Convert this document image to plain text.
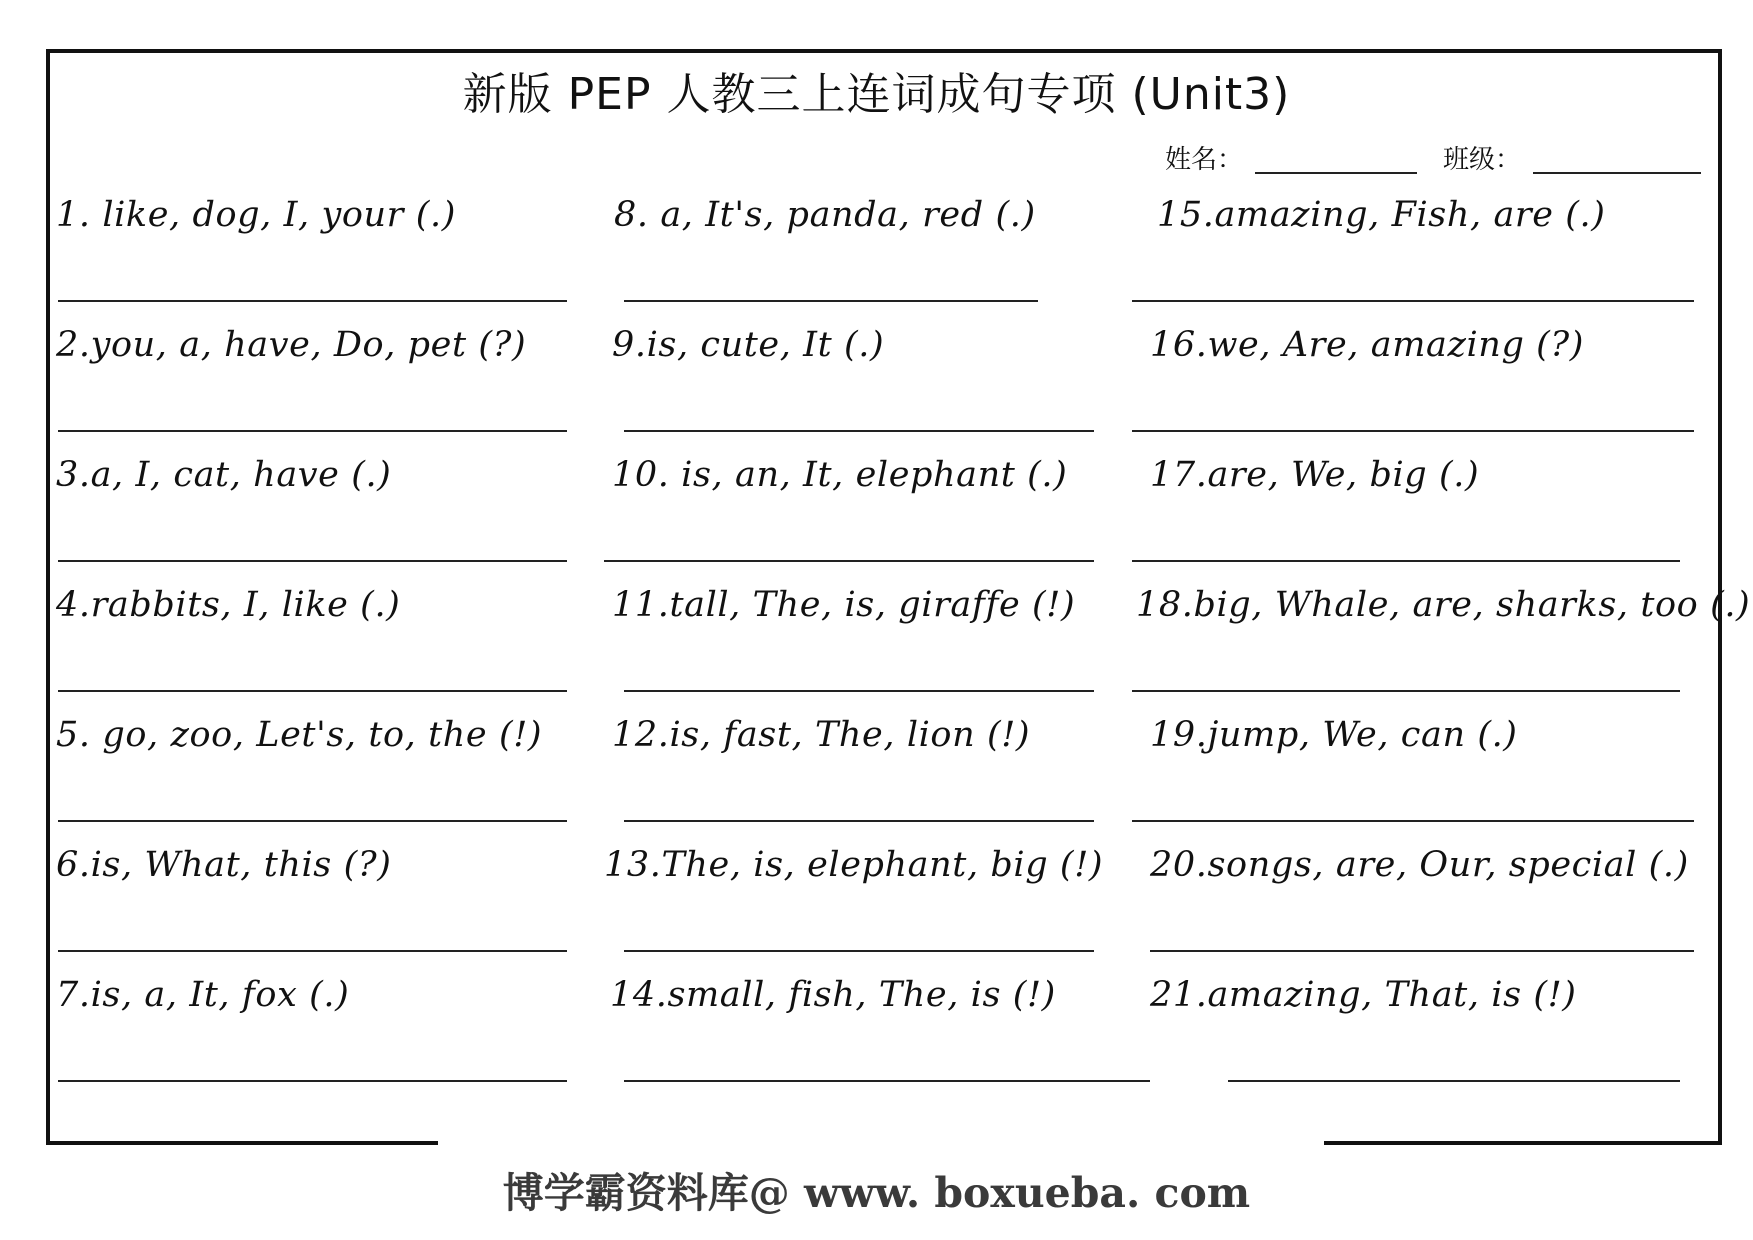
新版 PEP 人教三上连词成句专项 (Unit3)
姓名：	班级：
1. like, dog, I, your (.)
2.you, a, have, Do, pet (?)
3.a, I, cat, have (.)
4.rabbits, I, like (.)
5. go, zoo, Let's, to, the (!)
6.is, What, this (?)
7.is, a, It, fox (.)
8. a, It's, panda, red (.)
9.is, cute, It (.)
10. is, an, It, elephant (.)
11.tall, The, is, giraffe (!)
12.is, fast, The, lion (!)
13.The, is, elephant, big (!)
14.small, fish, The, is (!)
15.amazing, Fish, are (.)
16.we, Are, amazing (?)
17.are, We, big (.)
18.big, Whale, are, sharks, too (.)
19.jump, We, can (.)
20.songs, are, Our, special (.)
21.amazing, That, is (!)
博学霸资料库@ www. boxueba. com
